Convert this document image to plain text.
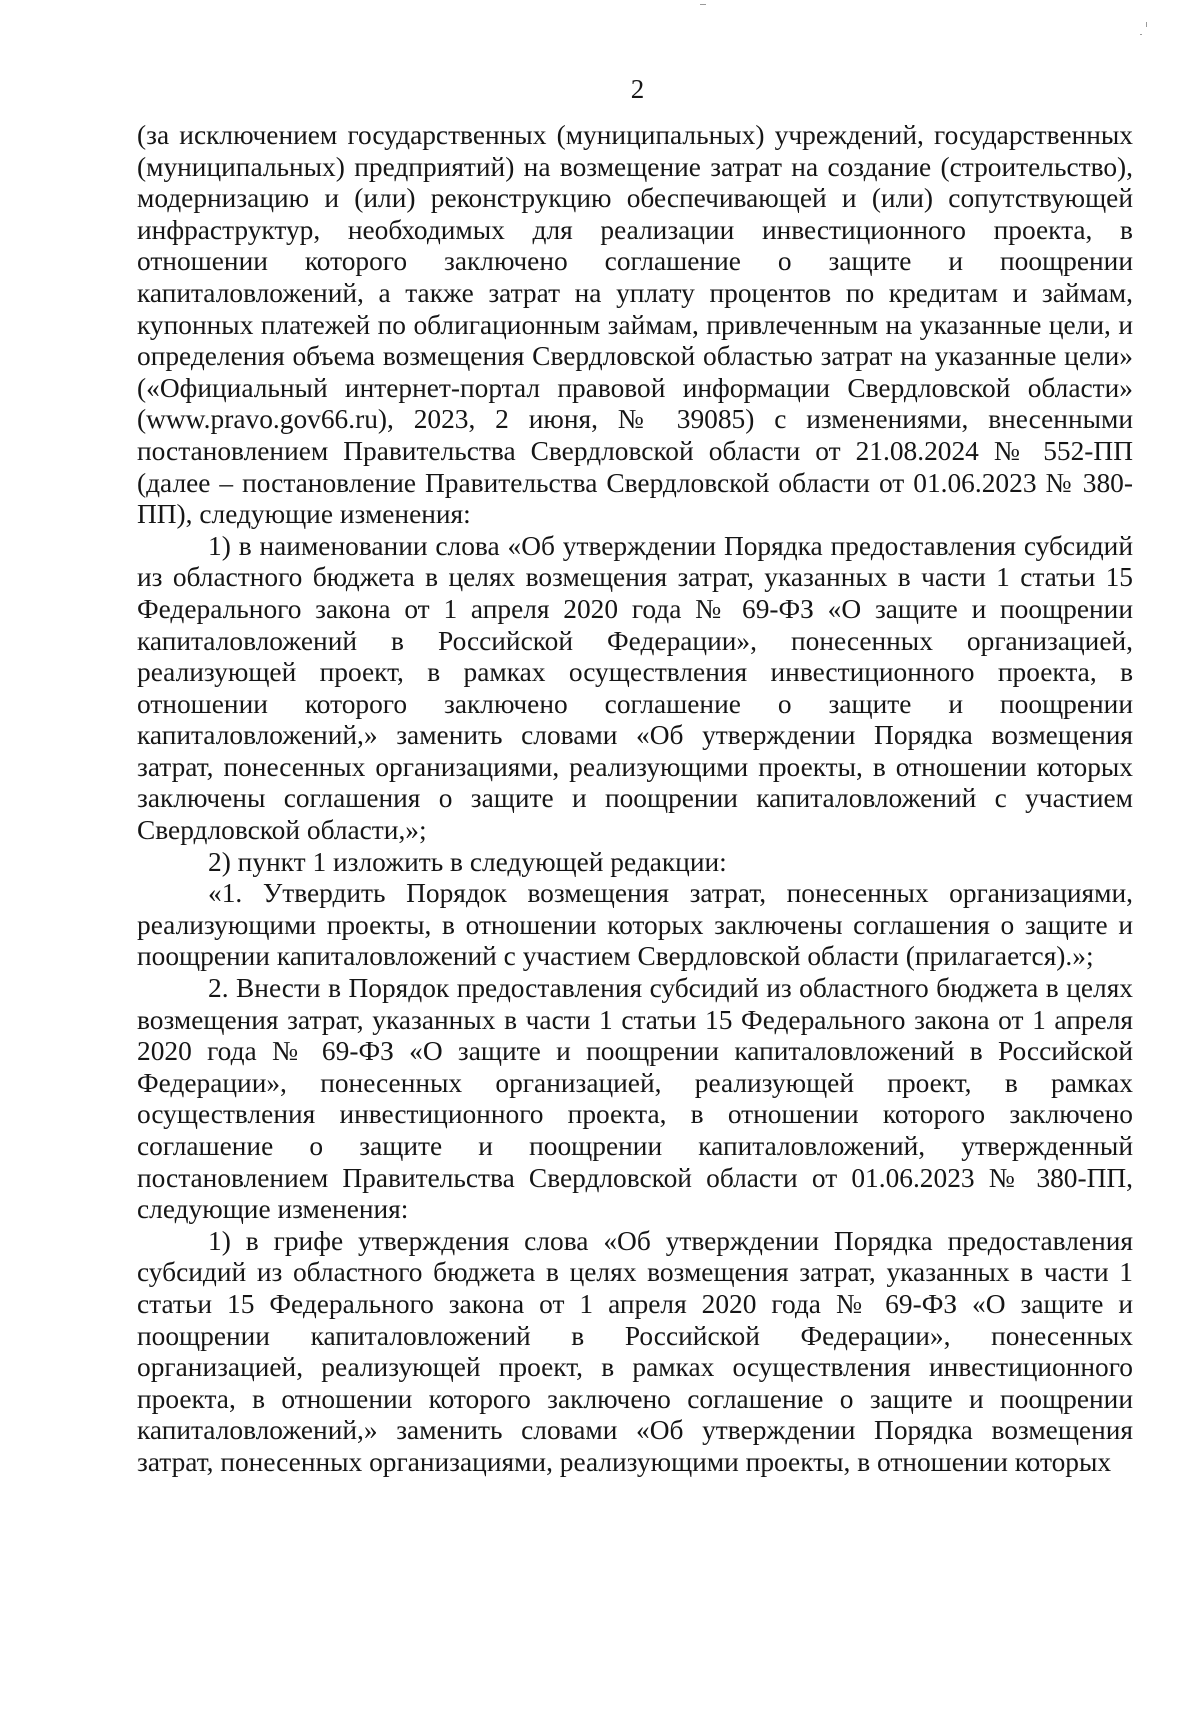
2

(за исключением государственных (муниципальных) учреждений, государственных (муниципальных) предприятий) на возмещение затрат на создание (строительство), модернизацию и (или) реконструкцию обеспечивающей и (или) сопутствующей инфраструктур, необходимых для реализации инвестиционного проекта, в отношении которого заключено соглашение о защите и поощрении капиталовложений, а также затрат на уплату процентов по кредитам и займам, купонных платежей по облигационным займам, привлеченным на указанные цели, и определения объема возмещения Свердловской областью затрат на указанные цели» («Официальный интернет-портал правовой информации Свердловской области» (www.pravo.gov66.ru), 2023, 2 июня, № 39085) с изменениями, внесенными постановлением Правительства Свердловской области от 21.08.2024 № 552-ПП (далее – постановление Правительства Свердловской области от 01.06.2023 № 380-ПП), следующие изменения:

1) в наименовании слова «Об утверждении Порядка предоставления субсидий из областного бюджета в целях возмещения затрат, указанных в части 1 статьи 15 Федерального закона от 1 апреля 2020 года № 69-ФЗ «О защите и поощрении капиталовложений в Российской Федерации», понесенных организацией, реализующей проект, в рамках осуществления инвестиционного проекта, в отношении которого заключено соглашение о защите и поощрении капиталовложений,» заменить словами «Об утверждении Порядка возмещения затрат, понесенных организациями, реализующими проекты, в отношении которых заключены соглашения о защите и поощрении капиталовложений с участием Свердловской области,»;

2) пункт 1 изложить в следующей редакции:

«1. Утвердить Порядок возмещения затрат, понесенных организациями, реализующими проекты, в отношении которых заключены соглашения о защите и поощрении капиталовложений с участием Свердловской области (прилагается).»;

2. Внести в Порядок предоставления субсидий из областного бюджета в целях возмещения затрат, указанных в части 1 статьи 15 Федерального закона от 1 апреля 2020 года № 69-ФЗ «О защите и поощрении капиталовложений в Российской Федерации», понесенных организацией, реализующей проект, в рамках осуществления инвестиционного проекта, в отношении которого заключено соглашение о защите и поощрении капиталовложений, утвержденный постановлением Правительства Свердловской области от 01.06.2023 № 380-ПП, следующие изменения:

1) в грифе утверждения слова «Об утверждении Порядка предоставления субсидий из областного бюджета в целях возмещения затрат, указанных в части 1 статьи 15 Федерального закона от 1 апреля 2020 года № 69-ФЗ «О защите и поощрении капиталовложений в Российской Федерации», понесенных организацией, реализующей проект, в рамках осуществления инвестиционного проекта, в отношении которого заключено соглашение о защите и поощрении капиталовложений,» заменить словами «Об утверждении Порядка возмещения затрат, понесенных организациями, реализующими проекты, в отношении которых
